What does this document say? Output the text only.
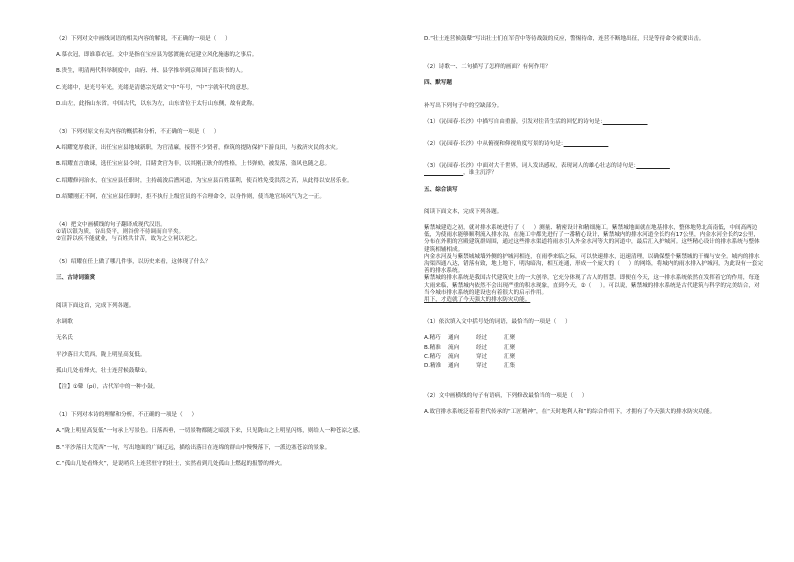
（2）下列对文中画线词语的相关内容的解说，不正确的一项是（     ）

A.慕衣冠，即谁慕衣冠。文中是指在宝应县为惩渡施衣冠建立风化施惠的之事后。

B.贵生，明清两代科举制度中，由府、州、县学推举到京师国子监读书的人。

C.光绪中，是光号年光，光绪是清德宗光绪文“中”年号，“中”字就年代的意思。

D.山左，此指山东省。中国古代，以东为左，山东省位于太行山东侧，故有此称。

（3）下列对原文有关内容的概括和分析，不正确的一项是（     ）

A.绍耀宽厚救济，出任宝应县地域新职，为官清廉，接替不少贤者，修筑的提防保护下游良田，与救济灾民的水灾。

B.绍耀直言敢谏，选任宝应县令时，目睹贪官为非，以其刚正耿介的性格，上书弹劾，被发落，盗风也随之息。

C.绍耀修河治水，在宝应县任职时，主持疏浚后漕河道，为宝应县百姓谋利，使百姓免受洪涝之苦，从此得以安居乐业。

D.绍耀刚正不阿，在宝应县任职时，拒不执行上级官员的不合理命令，以身作则，使当地官场风气为之一正。

（4）把文中画横线的句子翻译成现代汉语。

①请以银为质，谷出贷平，则谷价不待调而自平矣。

②宣辞以疾不能就业，与百姓共甘苦，故为之立祠以祀之。

（5）绍耀在任上做了哪几件事，以历史来看，这体现了什么？

三、古诗词鉴赏

阅读下面这首，完成下列各题。

水调歌

无名氏

平沙落日大荒西，陇上明星高复低。

孤山几处看烽火，壮士连营候鼓鼙①。

【注】①鼙（pí），古代军中的一种小鼓。

（1）下列对本诗的理解和分析，不正确的一项是（     ）

A.“陇上明星高复低”一句承上写景色。日落西垂，一切景物都随之暗淡下来，只见陇山之上明星闪烁，则给人一种苍凉之感。

B.“平沙落日大荒西”一句，写出地面的广阔辽远，描绘出落日在连绵的群山中慢慢落下，一派边塞苍凉的景象。

C.“孤山几处看烽火”，是说哨兵上连营驻守的壮士，实然看到几处孤山上燃起的报警的烽火。

D.“壮士连营候鼓鼙”写出壮士们在军营中等待战鼓的反应，警惕待命，连营不断地出征，只是等待命令就要出击。

（2）诗歌一、二句描写了怎样的画面？有何作用？

四、默写题

补写出下列句子中的空缺部分。

（1）《沁园春·长沙》中描写自由重游，引发对往昔生活的回忆的诗句是：　　　　　　　　

（2）《沁园春·长沙》中从俯视和仰视角度写景的诗句是：　　　　　　　　

（3）《沁园春·长沙》中面对大千世界，词人发出感叹，表现词人的雄心壮志的诗句是：　　　　　　

　　　　　　　，谁主沉浮？

五、综合读写

阅读下面文本，完成下列各题。

紫禁城建造之初，就对排水系统进行了（     ）测量、精密设计和精细施工。紫禁城地面就在地基排水，整体地势北高南低，中间高两边低，为使雨水能够顺利流入排水沟，在施工中都先进行了一番精心设计，紫禁城内的排水河道全长约有17公里，内金水河全长约2公里，分布在外朝的宫殿建筑群周围，通过这些排水渠道将雨水引入外金水河等大的河道中，最后汇入护城河。这些精心设计的排水系统与整体建筑相辅相成。

内金水河及与紫禁城城墙外侧的护城河相连，在雨季来临之际，可以快速排水，迅速清理，以确保整个紫禁城的干燥与安全。城内的排水沟渠四通八达，错落有致，地上地下，明沟暗沟，相互连通，形成一个庞大的（     ）的网络，将城内的雨水排入护城河，为此设有一套完善的排水系统。

紫禁城的排水系统是我国古代建筑史上的一大创举，它充分体现了古人的智慧。即便在今天，这一排水系统依然在发挥着它的作用，每逢大雨来临，紫禁城内依然不会出现严重的积水现象，直到今天，②（     ）。可以说，紫禁城的排水系统是古代建筑与科学的完美结合，对当今城市排水系统的建设也有着很大的启示作用。

用下，才造就了今天强大的排水防灾功能。

（1）依次填入文中括号处的词语，最恰当的一项是（     ）

A.精巧 通向	经过	汇聚
B.精准 流向	经过	汇聚
C.精巧 流向	穿过	汇聚
D.精准 通向	穿过	汇集

（2）文中画横线的句子有语病，下列修改最恰当的一项是（     ）

A.故宫排水系统泛着着世代传承的“工匠精神”，在“天时地利人和”的综合作用下，才拥有了今天强大的排水防灾功能。
